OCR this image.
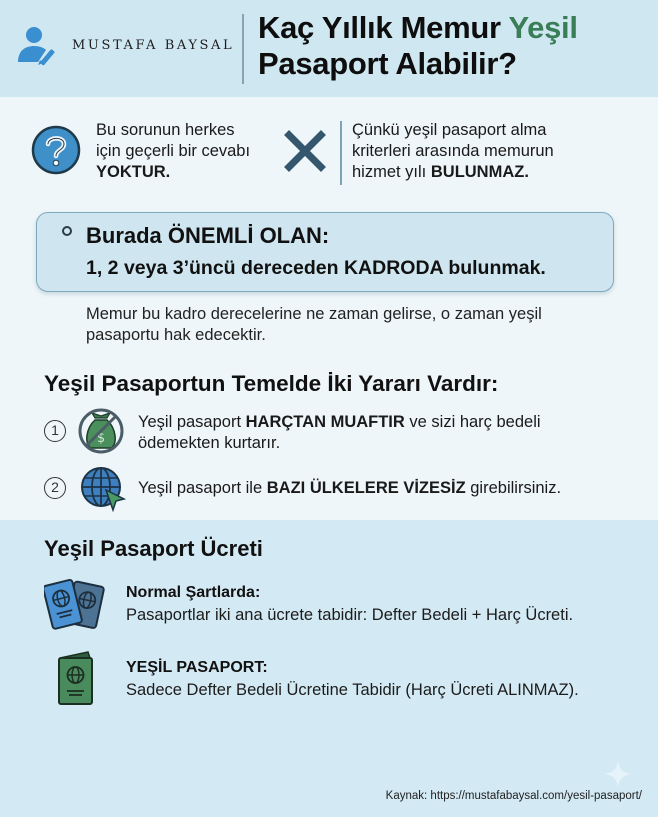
MUSTAFA BAYSAL
Kaç Yıllık Memur Yeşil
Pasaport Alabilir?
Bu sorunun herkes
için geçerli bir cevabı
YOKTUR.
Çünkü yeşil pasaport alma
kriterleri arasında memurun
hizmet yılı BULUNMAZ.
Burada ÖNEMLİ OLAN:
1, 2 veya 3’üncü dereceden KADRODA bulunmak.
Memur bu kadro derecelerine ne zaman gelirse, o zaman yeşil
pasaportu hak edecektir.
Yeşil Pasaportun Temelde İki Yararı Vardır:
1
$
Yeşil pasaport HARÇTAN MUAFTIR ve sizi harç bedeli
ödemekten kurtarır.
2	Yeşil pasaport ile BAZI ÜLKELERE VİZESİZ girebilirsiniz.
Yeşil Pasaport Ücreti
Normal Şartlarda:
Pasaportlar iki ana ücrete tabidir: Defter Bedeli + Harç Ücreti.
YEŞİL PASAPORT:
Sadece Defter Bedeli Ücretine Tabidir (Harç Ücreti ALINMAZ).
Kaynak: https://mustafabaysal.com/yesil-pasaport/
